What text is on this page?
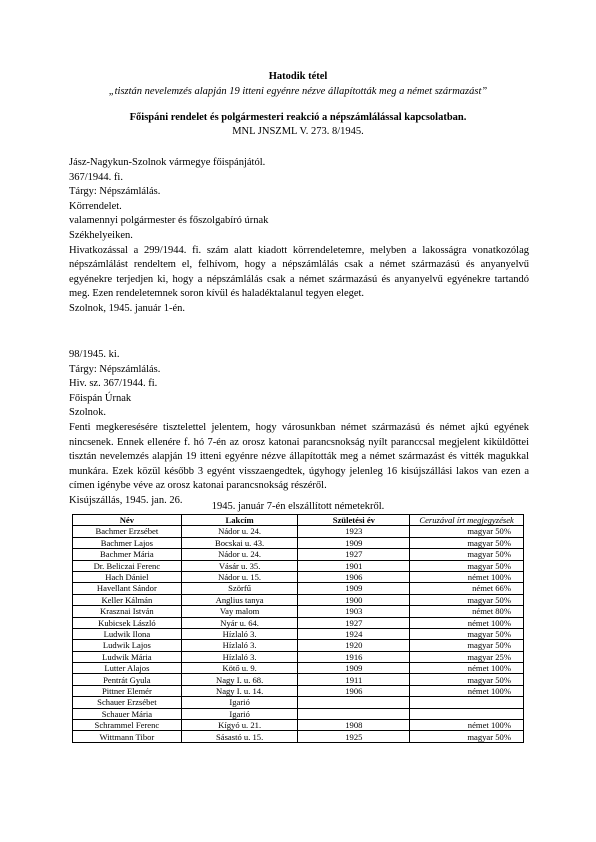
Hatodik tétel
„tisztán nevelemzés alapján 19 itteni egyénre nézve állapították meg a német származást”
Főispáni rendelet és polgármesteri reakció a népszámlálással kapcsolatban.
MNL JNSZML V. 273. 8/1945.
Jász-Nagykun-Szolnok vármegye főispánjától.
367/1944. fi.
Tárgy: Népszámlálás.
Körrendelet.
valamennyi polgármester és főszolgabíró úrnak
Székhelyeiken.
Hivatkozással a 299/1944. fi. szám alatt kiadott körrendeletemre, melyben a lakosságra vonatkozólag népszámlálást rendeltem el, felhívom, hogy a népszámlálás csak a német származású és anyanyelvű egyénekre terjedjen ki, hogy a népszámlálás csak a német származású és anyanyelvű egyénekre tartandó meg. Ezen rendeletemnek soron kívül és haladéktalanul tegyen eleget.
Szolnok, 1945. január 1-én.
98/1945. ki.
Tárgy: Népszámlálás.
Hiv. sz. 367/1944. fi.
Főispán Úrnak
Szolnok.
Fenti megkeresésére tisztelettel jelentem, hogy városunkban német származású és német ajkú egyének nincsenek. Ennek ellenére f. hó 7-én az orosz katonai parancsnokság nyílt paranccsal megjelent kiküldöttei tisztán nevelemzés alapján 19 itteni egyénre nézve állapították meg a német származást és vitték magukkal munkára. Ezek közül később 3 egyént visszaengedtek, úgyhogy jelenleg 16 kisújszállási lakos van ezen a címen igénybe véve az orosz katonai parancsnokság részéről.
Kisújszállás, 1945. jan. 26.
1945. január 7-én elszállított németekről.
Név	Lakcím	Születési év	Ceruzával írt megjegyzések
Bachmer Erzsébet	Nádor u. 24.	1923	magyar 50%
Bachmer Lajos	Bocskai u. 43.	1909	magyar 50%
Bachmer Mária	Nádor u. 24.	1927	magyar 50%
Dr. Beliczai Ferenc	Vásár u. 35.	1901	magyar 50%
Hach Dániel	Nádor u. 15.	1906	német 100%
Havellant Sándor	Szörfű	1909	német 66%
Keller Kálmán	Anglius tanya	1900	magyar 50%
Krasznai István	Vay malom	1903	német 80%
Kubicsek László	Nyár u. 64.	1927	német 100%
Ludwik Ilona	Hízlaló 3.	1924	magyar 50%
Ludwik Lajos	Hízlaló 3.	1920	magyar 50%
Ludwik Mária	Hízlaló 3.	1916	magyar 25%
Lutter Alajos	Kötő u. 9.	1909	német 100%
Pentrát Gyula	Nagy I. u. 68.	1911	magyar 50%
Pittner Elemér	Nagy I. u. 14.	1906	német 100%
Schauer Erzsébet	Igarió		
Schauer Mária	Igarió		
Schrammel Ferenc	Kígyó u. 21.	1908	német 100%
Wittmann Tibor	Sásastó u. 15.	1925	magyar 50%
